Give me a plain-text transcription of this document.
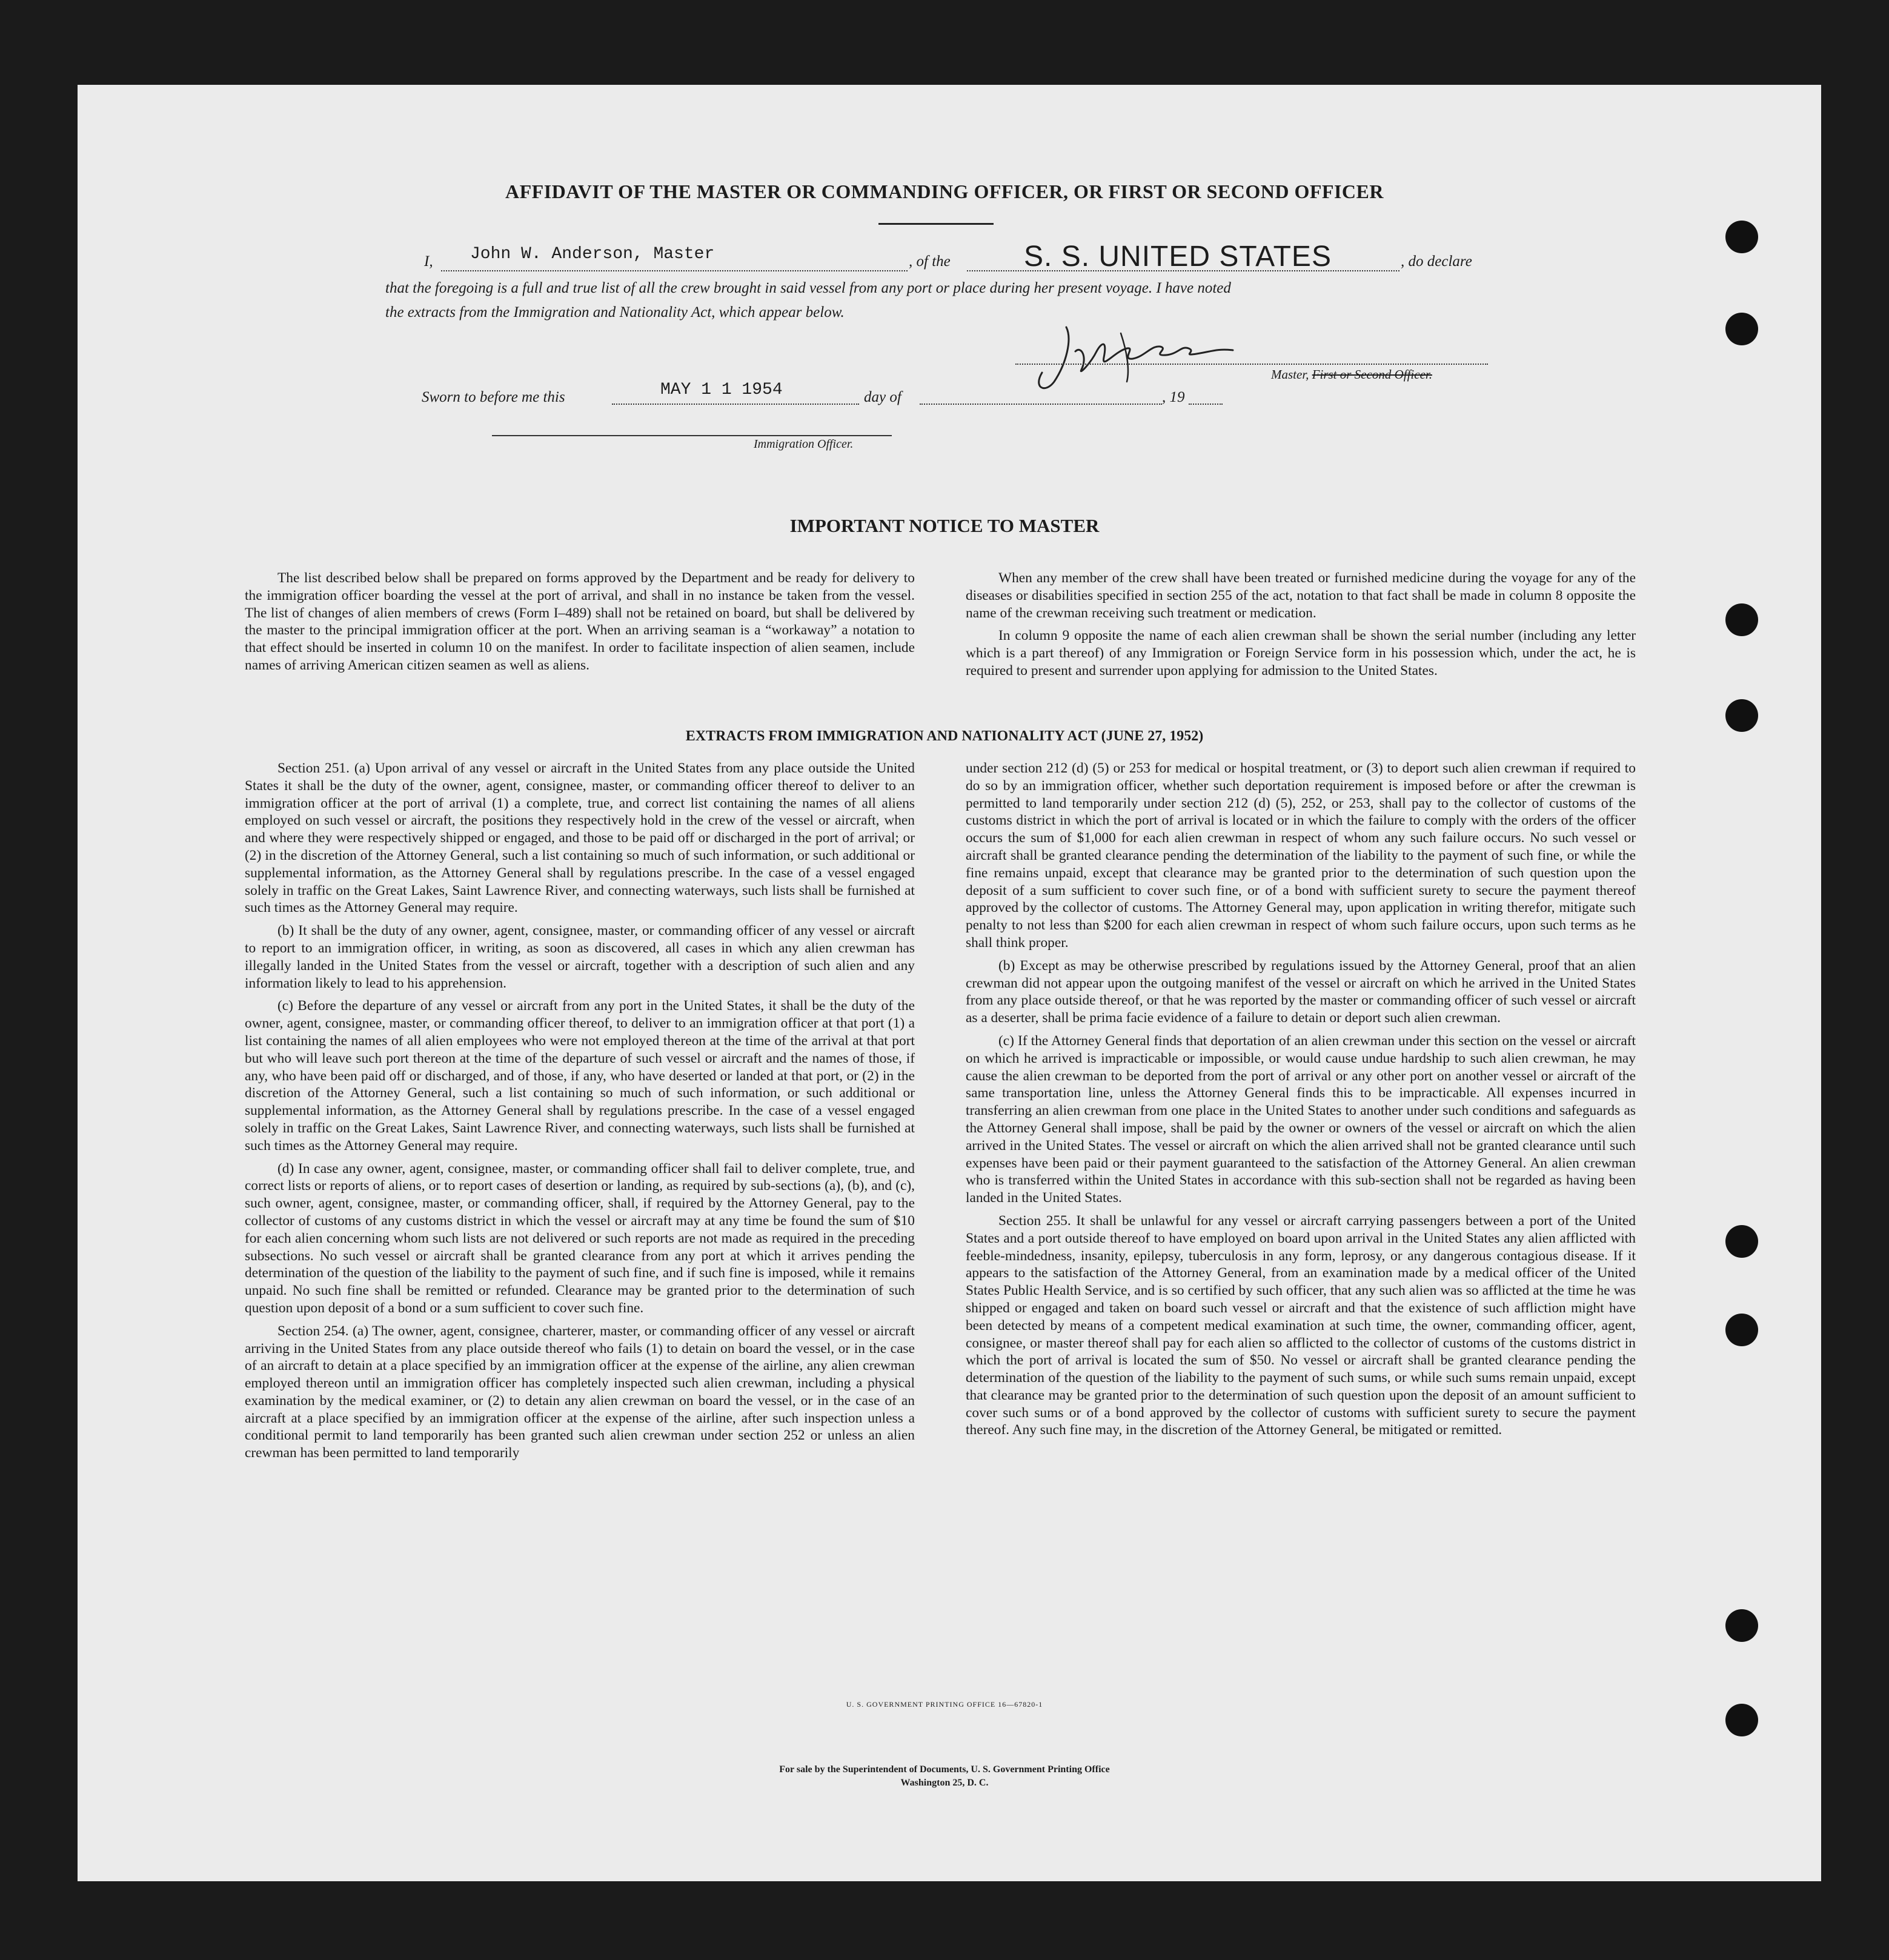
AFFIDAVIT OF THE MASTER OR COMMANDING OFFICER, OR FIRST OR SECOND OFFICER
I, John W. Anderson, Master	, of the	S. S. UNITED STATES	, do declare
that the foregoing is a full and true list of all the crew brought in said vessel from any port or place during her present voyage. I have noted
the extracts from the Immigration and Nationality Act, which appear below.
Master, First or Second Officer.
Sworn to before me this	MAY 1 1 1954	day of	, 19
Immigration Officer.
IMPORTANT NOTICE TO MASTER

The list described below shall be prepared on forms approved by the Department and be ready for delivery to the immigration officer boarding the vessel at the port of arrival, and shall in no instance be taken from the vessel. The list of changes of alien members of crews (Form I–489) shall not be retained on board, but shall be delivered by the master to the principal immigration officer at the port. When an arriving seaman is a “workaway” a notation to that effect should be inserted in column 10 on the manifest. In order to facilitate inspection of alien seamen, include names of arriving American citizen seamen as well as aliens.

When any member of the crew shall have been treated or furnished medicine during the voyage for any of the diseases or disabilities specified in section 255 of the act, notation to that fact shall be made in column 8 opposite the name of the crewman receiving such treatment or medication.

In column 9 opposite the name of each alien crewman shall be shown the serial number (including any letter which is a part thereof) of any Immigration or Foreign Service form in his possession which, under the act, he is required to present and surrender upon applying for admission to the United States.

EXTRACTS FROM IMMIGRATION AND NATIONALITY ACT (JUNE 27, 1952)

Section 251. (a) Upon arrival of any vessel or aircraft in the United States from any place outside the United States it shall be the duty of the owner, agent, consignee, master, or commanding officer thereof to deliver to an immigration officer at the port of arrival (1) a complete, true, and correct list containing the names of all aliens employed on such vessel or aircraft, the positions they respectively hold in the crew of the vessel or aircraft, when and where they were respectively shipped or engaged, and those to be paid off or discharged in the port of arrival; or (2) in the discretion of the Attorney General, such a list containing so much of such information, or such additional or supplemental information, as the Attorney General shall by regulations prescribe. In the case of a vessel engaged solely in traffic on the Great Lakes, Saint Lawrence River, and connecting waterways, such lists shall be furnished at such times as the Attorney General may require.

(b) It shall be the duty of any owner, agent, consignee, master, or commanding officer of any vessel or aircraft to report to an immigration officer, in writing, as soon as discovered, all cases in which any alien crewman has illegally landed in the United States from the vessel or aircraft, together with a description of such alien and any information likely to lead to his apprehension.

(c) Before the departure of any vessel or aircraft from any port in the United States, it shall be the duty of the owner, agent, consignee, master, or commanding officer thereof, to deliver to an immigration officer at that port (1) a list containing the names of all alien employees who were not employed thereon at the time of the arrival at that port but who will leave such port thereon at the time of the departure of such vessel or aircraft and the names of those, if any, who have been paid off or discharged, and of those, if any, who have deserted or landed at that port, or (2) in the discretion of the Attorney General, such a list containing so much of such information, or such additional or supplemental information, as the Attorney General shall by regulations prescribe. In the case of a vessel engaged solely in traffic on the Great Lakes, Saint Lawrence River, and connecting waterways, such lists shall be furnished at such times as the Attorney General may require.

(d) In case any owner, agent, consignee, master, or commanding officer shall fail to deliver complete, true, and correct lists or reports of aliens, or to report cases of desertion or landing, as required by sub-sections (a), (b), and (c), such owner, agent, consignee, master, or commanding officer, shall, if required by the Attorney General, pay to the collector of customs of any customs district in which the vessel or aircraft may at any time be found the sum of $10 for each alien concerning whom such lists are not delivered or such reports are not made as required in the preceding subsections. No such vessel or aircraft shall be granted clearance from any port at which it arrives pending the determination of the question of the liability to the payment of such fine, and if such fine is imposed, while it remains unpaid. No such fine shall be remitted or refunded. Clearance may be granted prior to the determination of such question upon deposit of a bond or a sum sufficient to cover such fine.

Section 254. (a) The owner, agent, consignee, charterer, master, or commanding officer of any vessel or aircraft arriving in the United States from any place outside thereof who fails (1) to detain on board the vessel, or in the case of an aircraft to detain at a place specified by an immigration officer at the expense of the airline, any alien crewman employed thereon until an immigration officer has completely inspected such alien crewman, including a physical examination by the medical examiner, or (2) to detain any alien crewman on board the vessel, or in the case of an aircraft at a place specified by an immigration officer at the expense of the airline, after such inspection unless a conditional permit to land temporarily has been granted such alien crewman under section 252 or unless an alien crewman has been permitted to land temporarily

under section 212 (d) (5) or 253 for medical or hospital treatment, or (3) to deport such alien crewman if required to do so by an immigration officer, whether such deportation requirement is imposed before or after the crewman is permitted to land temporarily under section 212 (d) (5), 252, or 253, shall pay to the collector of customs of the customs district in which the port of arrival is located or in which the failure to comply with the orders of the officer occurs the sum of $1,000 for each alien crewman in respect of whom any such failure occurs. No such vessel or aircraft shall be granted clearance pending the determination of the liability to the payment of such fine, or while the fine remains unpaid, except that clearance may be granted prior to the determination of such question upon the deposit of a sum sufficient to cover such fine, or of a bond with sufficient surety to secure the payment thereof approved by the collector of customs. The Attorney General may, upon application in writing therefor, mitigate such penalty to not less than $200 for each alien crewman in respect of whom such failure occurs, upon such terms as he shall think proper.

(b) Except as may be otherwise prescribed by regulations issued by the Attorney General, proof that an alien crewman did not appear upon the outgoing manifest of the vessel or aircraft on which he arrived in the United States from any place outside thereof, or that he was reported by the master or commanding officer of such vessel or aircraft as a deserter, shall be prima facie evidence of a failure to detain or deport such alien crewman.

(c) If the Attorney General finds that deportation of an alien crewman under this section on the vessel or aircraft on which he arrived is impracticable or impossible, or would cause undue hardship to such alien crewman, he may cause the alien crewman to be deported from the port of arrival or any other port on another vessel or aircraft of the same transportation line, unless the Attorney General finds this to be impracticable. All expenses incurred in transferring an alien crewman from one place in the United States to another under such conditions and safeguards as the Attorney General shall impose, shall be paid by the owner or owners of the vessel or aircraft on which the alien arrived in the United States. The vessel or aircraft on which the alien arrived shall not be granted clearance until such expenses have been paid or their payment guaranteed to the satisfaction of the Attorney General. An alien crewman who is transferred within the United States in accordance with this sub-section shall not be regarded as having been landed in the United States.

Section 255. It shall be unlawful for any vessel or aircraft carrying passengers between a port of the United States and a port outside thereof to have employed on board upon arrival in the United States any alien afflicted with feeble-mindedness, insanity, epilepsy, tuberculosis in any form, leprosy, or any dangerous contagious disease. If it appears to the satisfaction of the Attorney General, from an examination made by a medical officer of the United States Public Health Service, and is so certified by such officer, that any such alien was so afflicted at the time he was shipped or engaged and taken on board such vessel or aircraft and that the existence of such affliction might have been detected by means of a competent medical examination at such time, the owner, commanding officer, agent, consignee, or master thereof shall pay for each alien so afflicted to the collector of customs of the customs district in which the port of arrival is located the sum of $50. No vessel or aircraft shall be granted clearance pending the determination of the question of the liability to the payment of such sums, or while such sums remain unpaid, except that clearance may be granted prior to the determination of such question upon the deposit of an amount sufficient to cover such sums or of a bond approved by the collector of customs with sufficient surety to secure the payment thereof. Any such fine may, in the discretion of the Attorney General, be mitigated or remitted.

U. S. GOVERNMENT PRINTING OFFICE 16—67820-1
For sale by the Superintendent of Documents, U. S. Government Printing Office
Washington 25, D. C.
